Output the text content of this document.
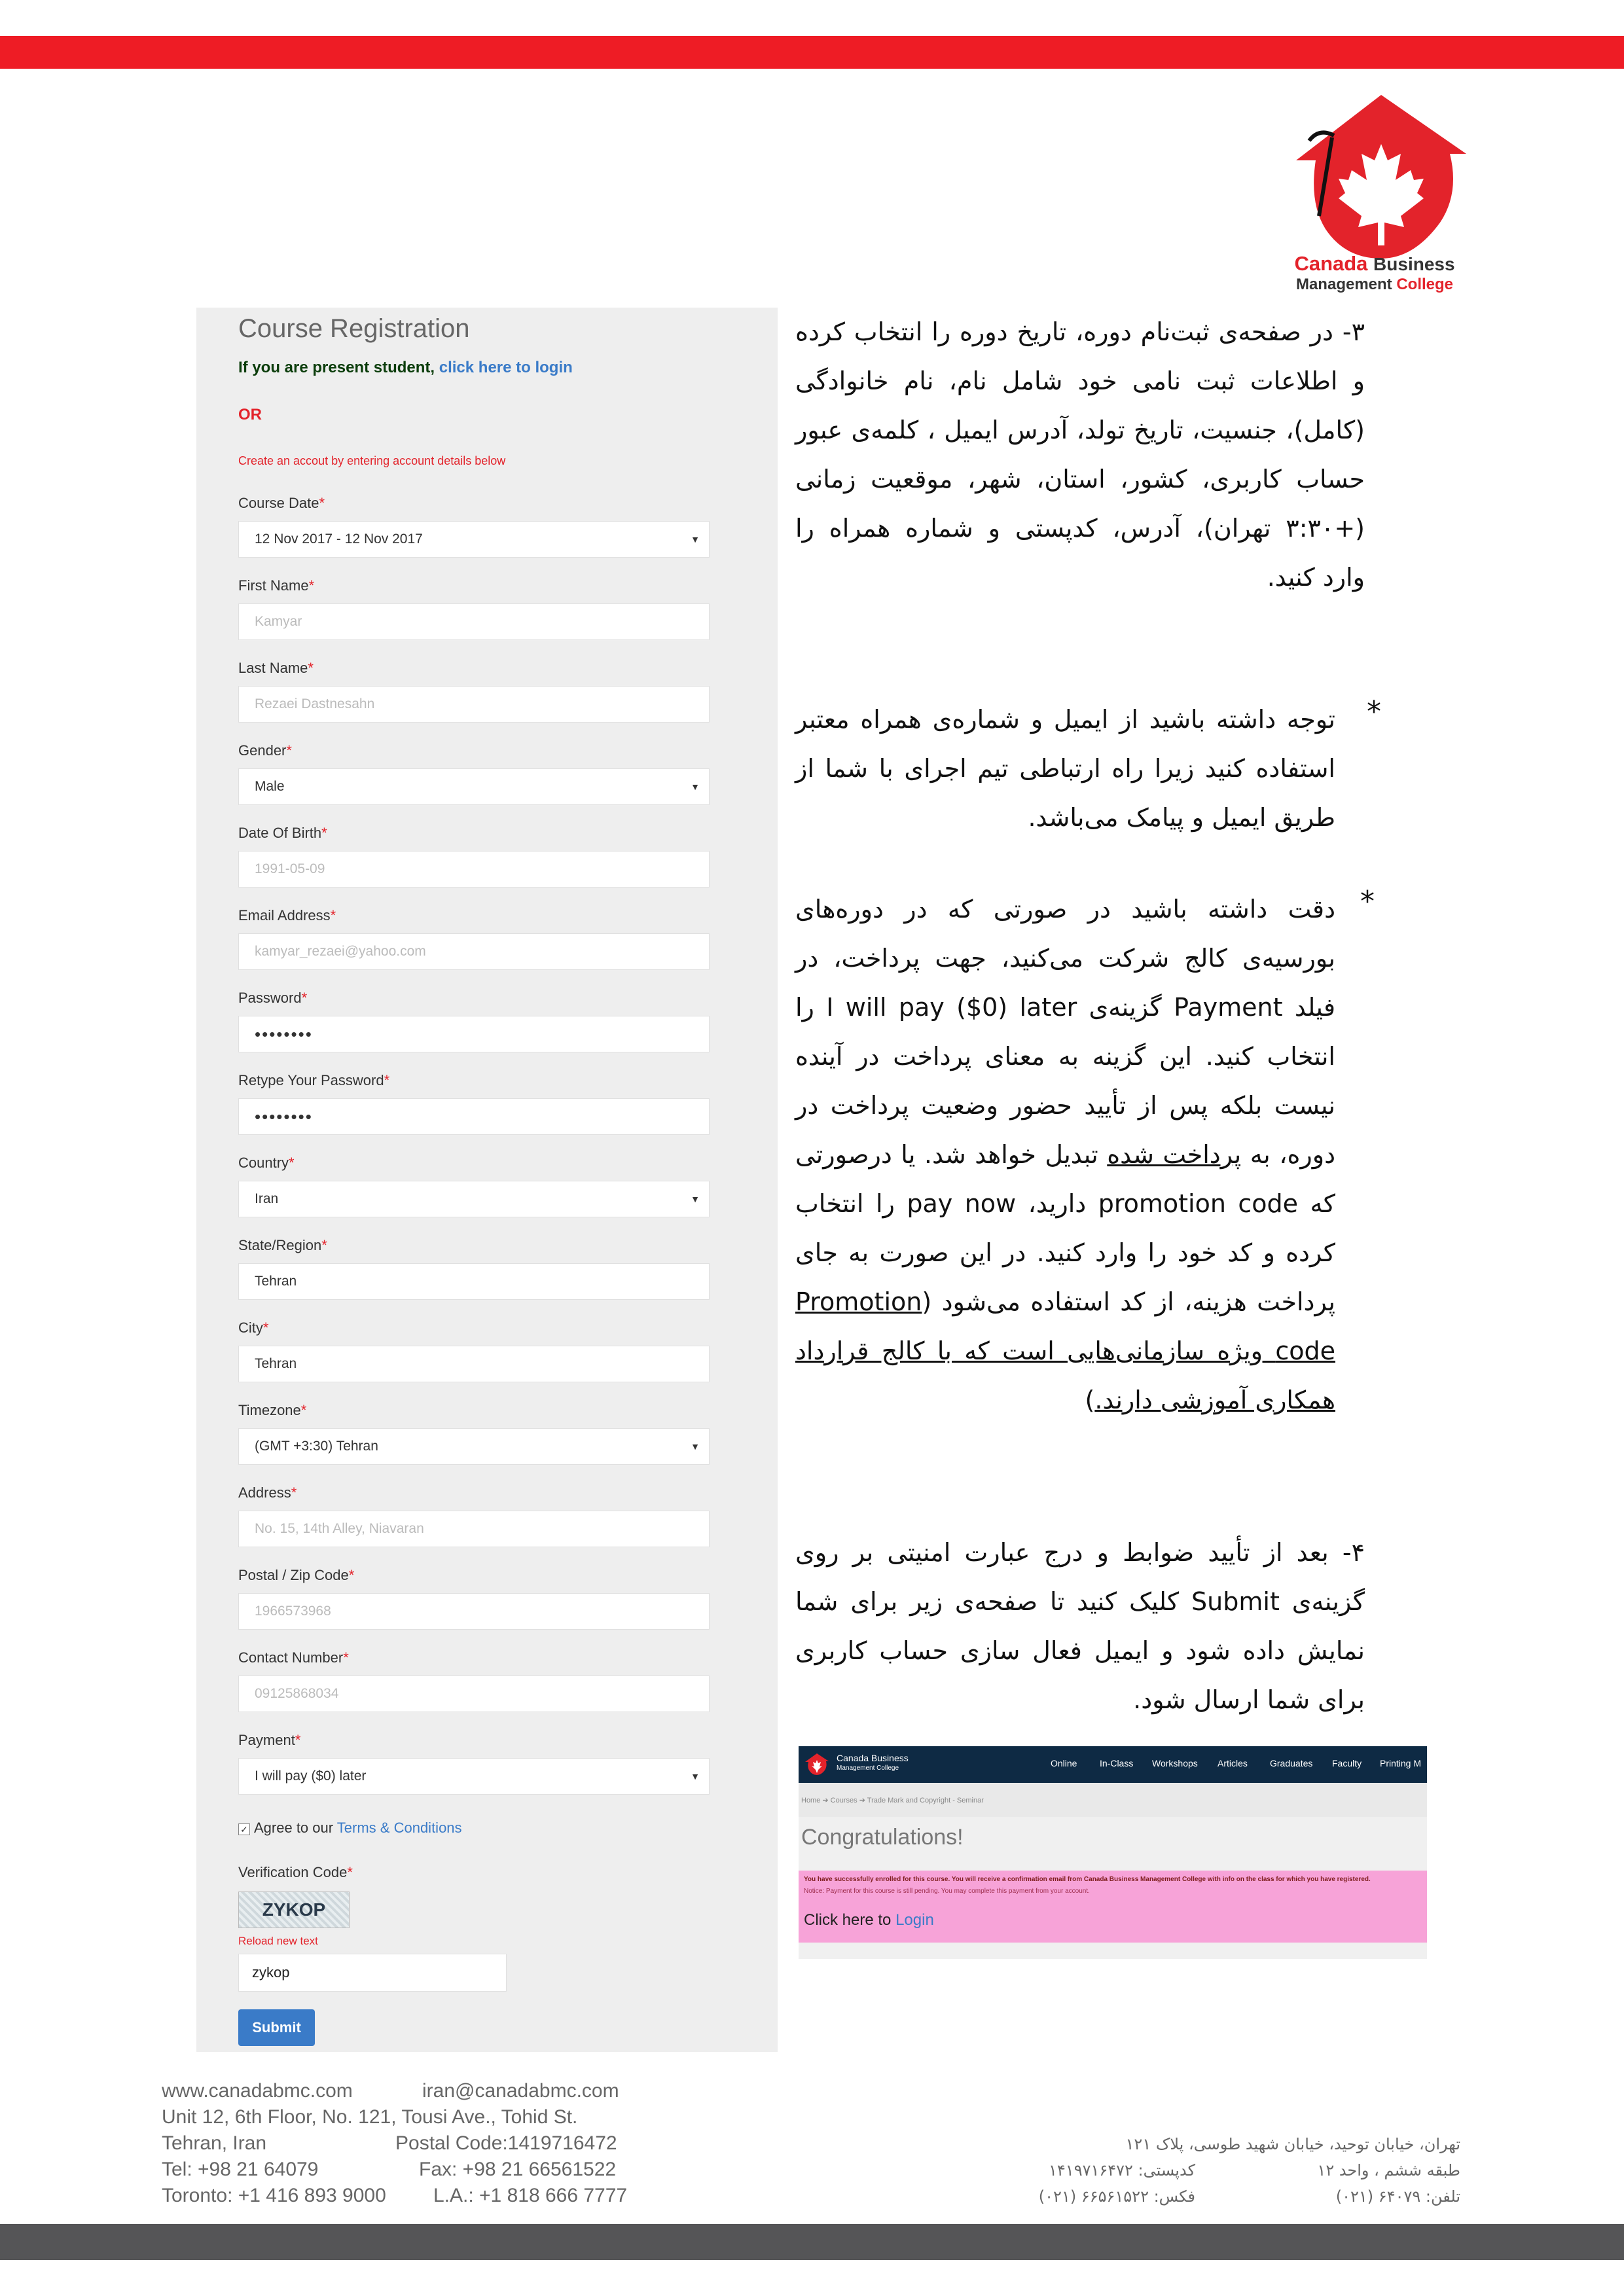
Canada Business
Management College
Course Registration
If you are present student, click here to login
OR
Create an accout by entering account details below
Course Date*
12 Nov 2017 - 12 Nov 2017	▼
First Name*
Kamyar
Last Name*
Rezaei Dastnesahn
Gender*
Male	▼
Date Of Birth*
1991-05-09
Email Address*
kamyar_rezaei@yahoo.com
Password*
••••••••
Retype Your Password*
••••••••
Country*
Iran	▼
State/Region*
Tehran
City*
Tehran
Timezone*
(GMT +3:30) Tehran	▼
Address*
No. 15, 14th Alley, Niavaran
Postal / Zip Code*
1966573968
Contact Number*
09125868034
Payment*
I will pay ($0) later	▼
✓ Agree to our Terms & Conditions
Verification Code*
ZYKOP
Reload new text
zykop
Submit
۳- در صفحه‌ی ثبت‌نام دوره، تاریخ دوره را انتخاب کرده و اطلاعات ثبت نامی خود شامل نام، نام خانوادگی (کامل)، جنسیت، تاریخ تولد، آدرس ایمیل ، کلمه‌ی عبور حساب کاربری، کشور، استان، شهر، موقعیت زمانی (+۳:۳۰ تهران)، آدرس، کدپستی و شماره همراه را وارد کنید.
*
توجه داشته باشید از ایمیل و شماره‌ی همراه معتبر استفاده کنید زیرا راه ارتباطی تیم اجرای با شما از طریق ایمیل و پیامک می‌باشد.
*
دقت داشته باشید در صورتی که در دوره‌های بورسیه‌ی کالج شرکت می‌کنید، جهت پرداخت، در فیلد Payment گزینه‌ی I will pay ($0) later را انتخاب کنید. این گزینه به معنای پرداخت در آینده نیست بلکه پس از تأیید حضور وضعیت پرداخت در دوره، به پرداخت شده تبدیل خواهد شد. یا درصورتی که promotion code دارید، pay now را انتخاب کرده و کد خود را وارد کنید. در این صورت به جای پرداخت هزینه، از کد استفاده می‌شود (Promotion code ویژه سازمانی‌هایی است که با کالج قرارداد همکاری آموزشی دارند.)
۴- بعد از تأیید ضوابط و درج عبارت امنیتی بر روی گزینه‌ی Submit کلیک کنید تا صفحه‌ی زیر برای شما نمایش داده شود و ایمیل فعال سازی حساب کاربری برای شما ارسال شود.
Canada Business
Management College	Online In-Class Workshops Articles Graduates Faculty Printing M
Home ➔ Courses ➔ Trade Mark and Copyright - Seminar
Congratulations!
You have successfully enrolled for this course. You will receive a confirmation email from Canada Business Management College with info on the class for which you have registered.
Notice: Payment for this course is still pending. You may complete this payment from your account.
Click here to Login
www.canadabmc.com	iran@canadabmc.com
Unit 12, 6th Floor, No. 121, Tousi Ave., Tohid St.
Tehran, Iran	Postal Code:1419716472
Tel: +98 21 64079	Fax: +98 21 66561522
Toronto: +1 416 893 9000 L.A.: +1 818 666 7777
تهران، خیابان توحید، خیابان شهید طوسی، پلاک ۱۲۱
طبقه ششم ، واحد ۱۲
کدپستی: ۱۴۱۹۷۱۶۴۷۲
تلفن: ۶۴۰۷۹ (۰۲۱)
فکس: ۶۶۵۶۱۵۲۲ (۰۲۱)
